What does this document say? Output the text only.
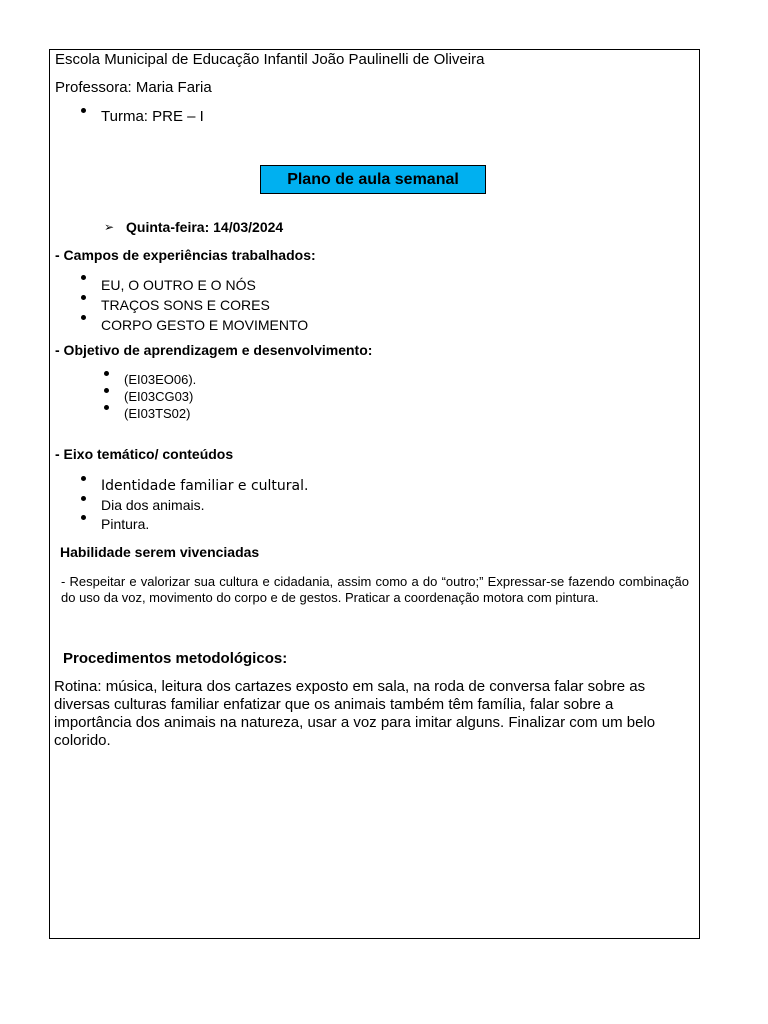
Escola Municipal de Educação Infantil João Paulinelli de Oliveira
Professora: Maria Faria
Turma: PRE – I
Plano de aula semanal
➢ Quinta-feira: 14/03/2024
- Campos de experiências trabalhados:
EU, O OUTRO E O NÓS
TRAÇOS SONS E CORES
CORPO GESTO E MOVIMENTO
- Objetivo de aprendizagem e desenvolvimento:
(EI03EO06).
(EI03CG03)
(EI03TS02)
- Eixo temático/ conteúdos
Identidade familiar e cultural.
Dia dos animais.
Pintura.
Habilidade serem vivenciadas
- Respeitar e valorizar sua cultura e cidadania, assim como a do “outro;” Expressar-se fazendo combinação do uso da voz, movimento do corpo e de gestos. Praticar a coordenação motora com pintura.
Procedimentos metodológicos:
Rotina: música, leitura dos cartazes exposto em sala, na roda de conversa falar sobre as diversas culturas familiar enfatizar que os animais também têm família, falar sobre a importância dos animais na natureza, usar a voz para imitar alguns. Finalizar com um belo colorido.
